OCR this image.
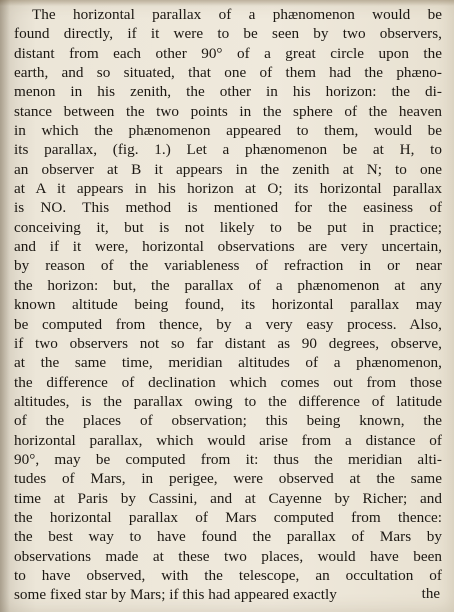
The horizontal parallax of a phænomenon would be
found directly, if it were to be seen by two observers,
distant from each other 90° of a great circle upon the
earth, and so situated, that one of them had the phæno-
menon in his zenith, the other in his horizon: the di-
stance between the two points in the sphere of the heaven
in which the phænomenon appeared to them, would be
its parallax, (fig. 1.) Let a phænomenon be at H, to
an observer at B it appears in the zenith at N; to one
at A it appears in his horizon at O; its horizontal parallax
is NO. This method is mentioned for the easiness of
conceiving it, but is not likely to be put in practice;
and if it were, horizontal observations are very uncertain,
by reason of the variableness of refraction in or near
the horizon: but, the parallax of a phænomenon at any
known altitude being found, its horizontal parallax may
be computed from thence, by a very easy process. Also,
if two observers not so far distant as 90 degrees, observe,
at the same time, meridian altitudes of a phænomenon,
the difference of declination which comes out from those
altitudes, is the parallax owing to the difference of latitude
of the places of observation; this being known, the
horizontal parallax, which would arise from a distance of
90°, may be computed from it: thus the meridian alti-
tudes of Mars, in perigee, were observed at the same
time at Paris by Cassini, and at Cayenne by Richer; and
the horizontal parallax of Mars computed from thence:
the best way to have found the parallax of Mars by
observations made at these two places, would have been
to have observed, with the telescope, an occultation of
some fixed star by Mars; if this had appeared exactly	the
